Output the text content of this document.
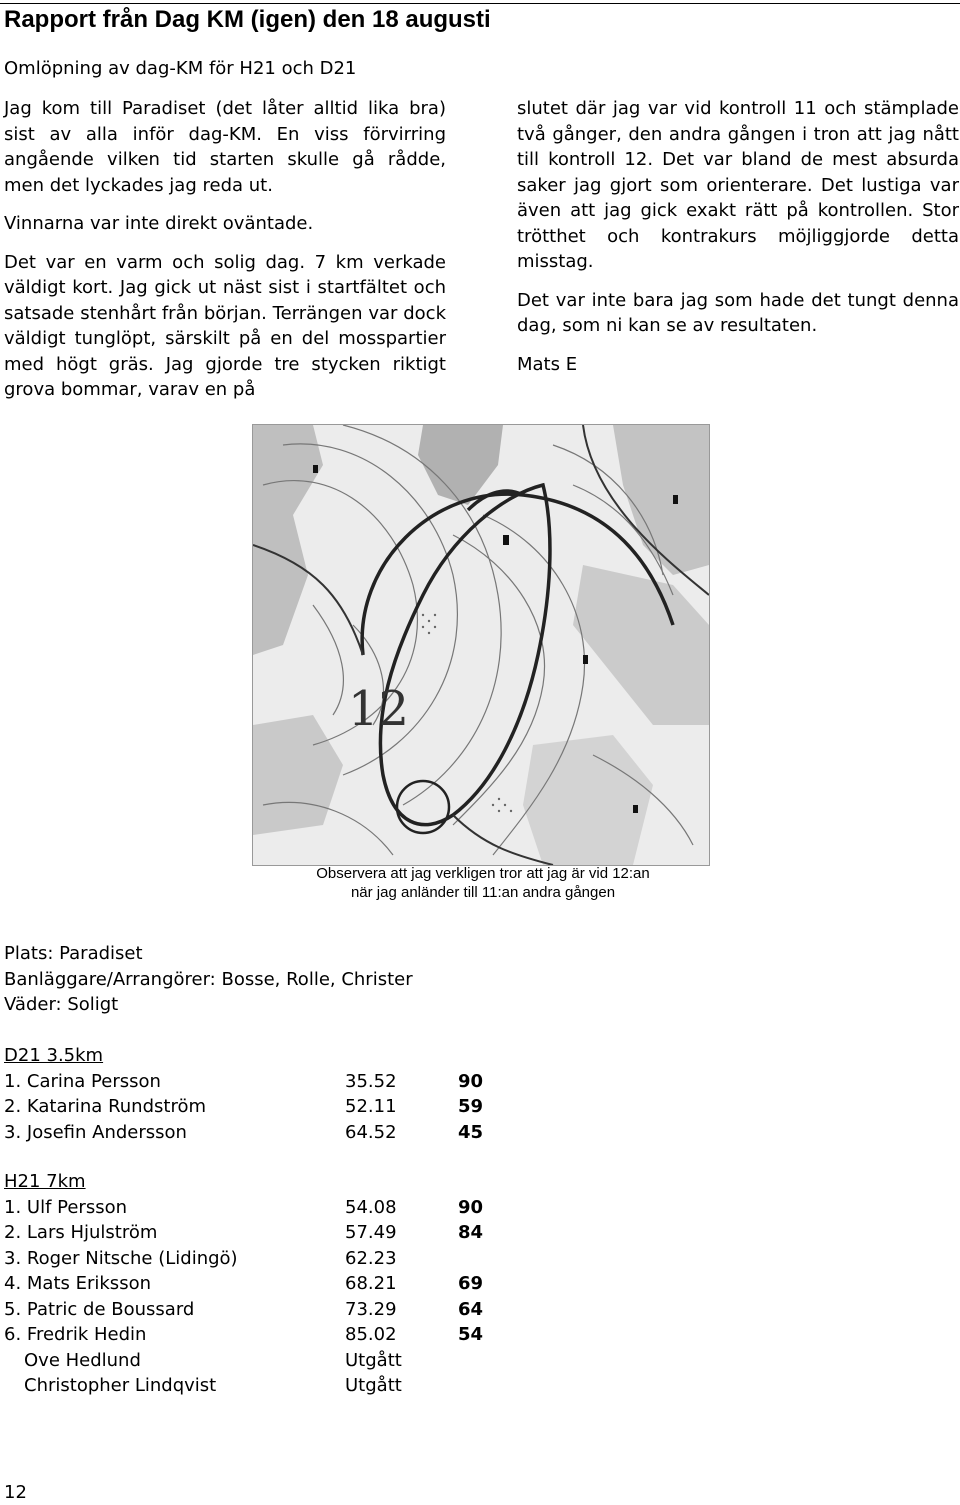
Rapport från Dag KM (igen) den 18 augusti
Omlöpning av dag-KM för H21 och D21

Jag kom till Paradiset (det låter alltid lika bra) sist av alla inför dag-KM. En viss förvirring angående vilken tid starten skulle gå rådde, men det lyckades jag reda ut.

Vinnarna var inte direkt oväntade.

Det var en varm och solig dag. 7 km verkade väldigt kort. Jag gick ut näst sist i startfältet och satsade stenhårt från början. Terrängen var dock väldigt tunglöpt, särskilt på en del mosspartier med högt gräs. Jag gjorde tre stycken riktigt grova bommar, varav en på

slutet där jag var vid kontroll 11 och stämplade två gånger, den andra gången i tron att jag nått till kontroll 12. Det var bland de mest absurda saker jag gjort som orienterare. Det lustiga var även att jag gick exakt rätt på kontrollen. Stor trötthet och kontrakurs möjliggjorde detta misstag.

Det var inte bara jag som hade det tungt denna dag, som ni kan se av resultaten.

Mats E

12
Observera att jag verkligen tror att jag är vid 12:an
när jag anländer till 11:an andra gången
Plats: Paradiset
Banläggare/Arrangörer: Bosse, Rolle, Christer
Väder: Soligt
D21 3.5km
1. Carina Persson	35.52	90
2. Katarina Rundström	52.11	59
3. Josefin Andersson	64.52	45
H21 7km
1. Ulf Persson	54.08	90
2. Lars Hjulström	57.49	84
3. Roger Nitsche (Lidingö)	62.23
4. Mats Eriksson	68.21	69
5. Patric de Boussard	73.29	64
6. Fredrik Hedin	85.02	54
Ove Hedlund	Utgått
Christopher Lindqvist	Utgått
12
